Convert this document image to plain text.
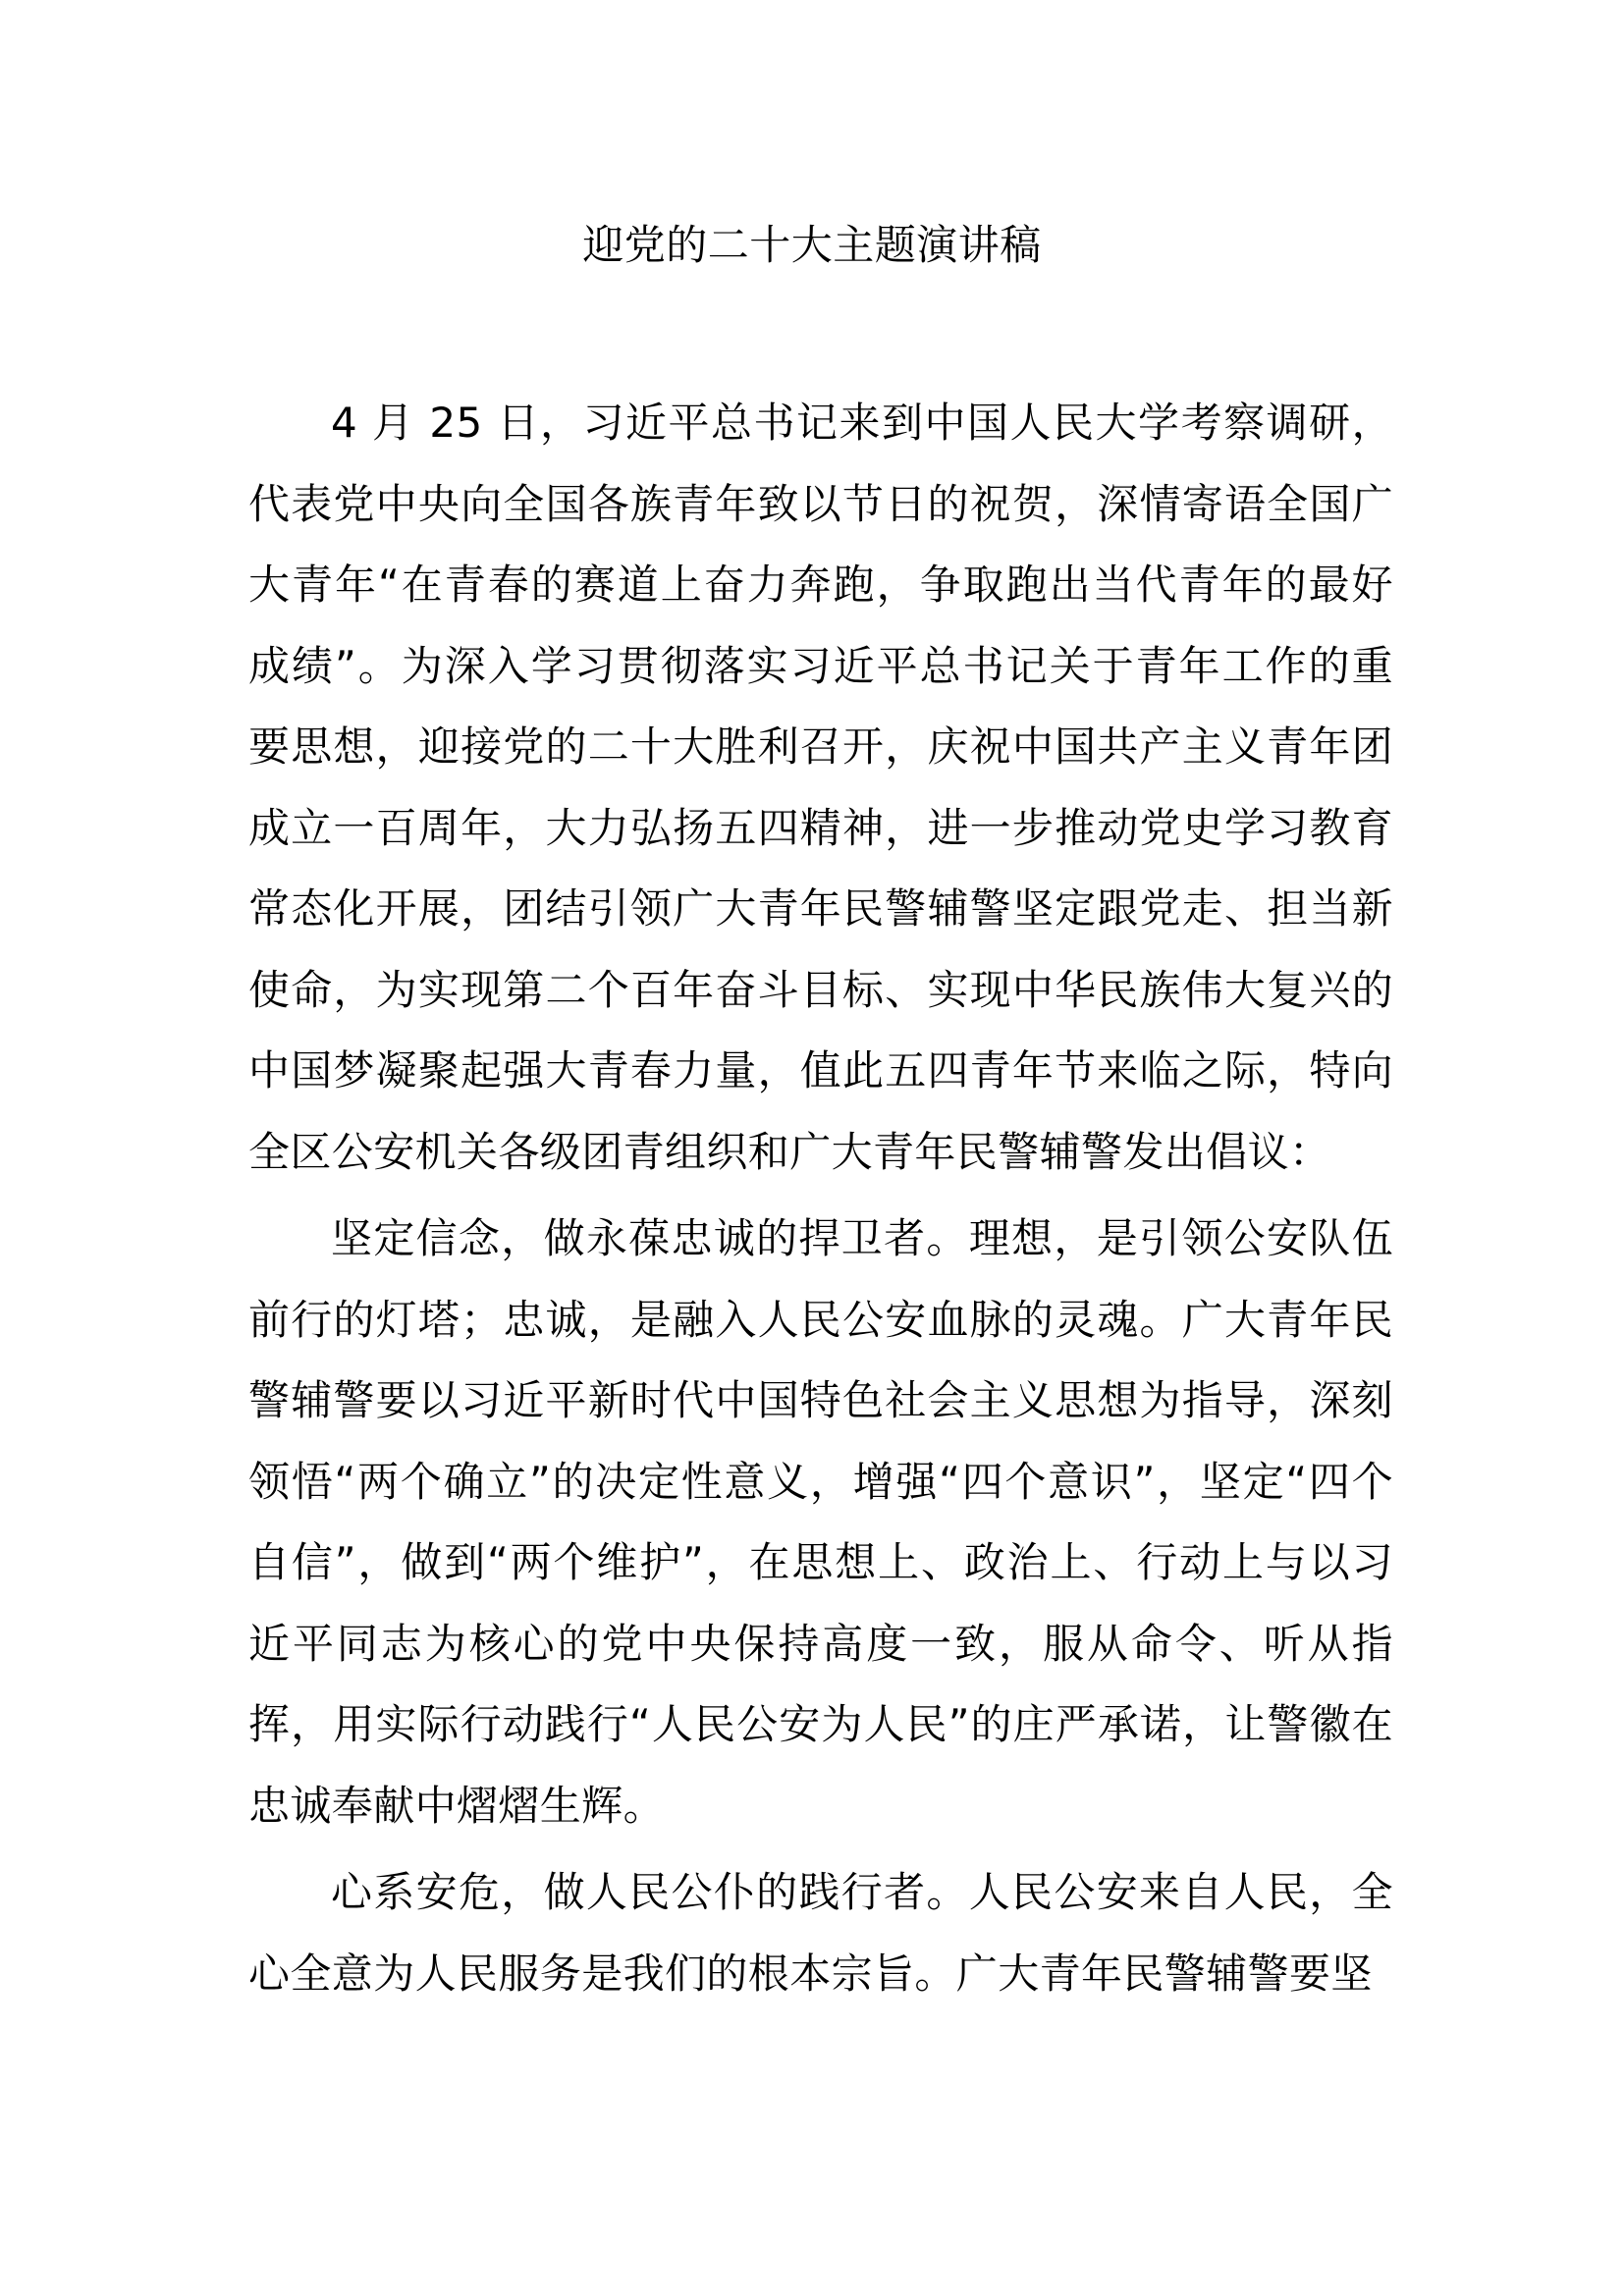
迎党的二十大主题演讲稿

4 月 25 日，习近平总书记来到中国人民大学考察调研，代表党中央向全国各族青年致以节日的祝贺，深情寄语全国广大青年“在青春的赛道上奋力奔跑，争取跑出当代青年的最好成绩”。为深入学习贯彻落实习近平总书记关于青年工作的重要思想，迎接党的二十大胜利召开，庆祝中国共产主义青年团成立一百周年，大力弘扬五四精神，进一步推动党史学习教育常态化开展，团结引领广大青年民警辅警坚定跟党走、担当新使命，为实现第二个百年奋斗目标、实现中华民族伟大复兴的中国梦凝聚起强大青春力量，值此五四青年节来临之际，特向全区公安机关各级团青组织和广大青年民警辅警发出倡议：

坚定信念，做永葆忠诚的捍卫者。理想，是引领公安队伍前行的灯塔；忠诚，是融入人民公安血脉的灵魂。广大青年民警辅警要以习近平新时代中国特色社会主义思想为指导，深刻领悟“两个确立”的决定性意义，增强“四个意识”，坚定“四个自信”，做到“两个维护”，在思想上、政治上、行动上与以习近平同志为核心的党中央保持高度一致，服从命令、听从指挥，用实际行动践行“人民公安为人民”的庄严承诺，让警徽在忠诚奉献中熠熠生辉。

心系安危，做人民公仆的践行者。人民公安来自人民，全心全意为人民服务是我们的根本宗旨。广大青年民警辅警要坚
